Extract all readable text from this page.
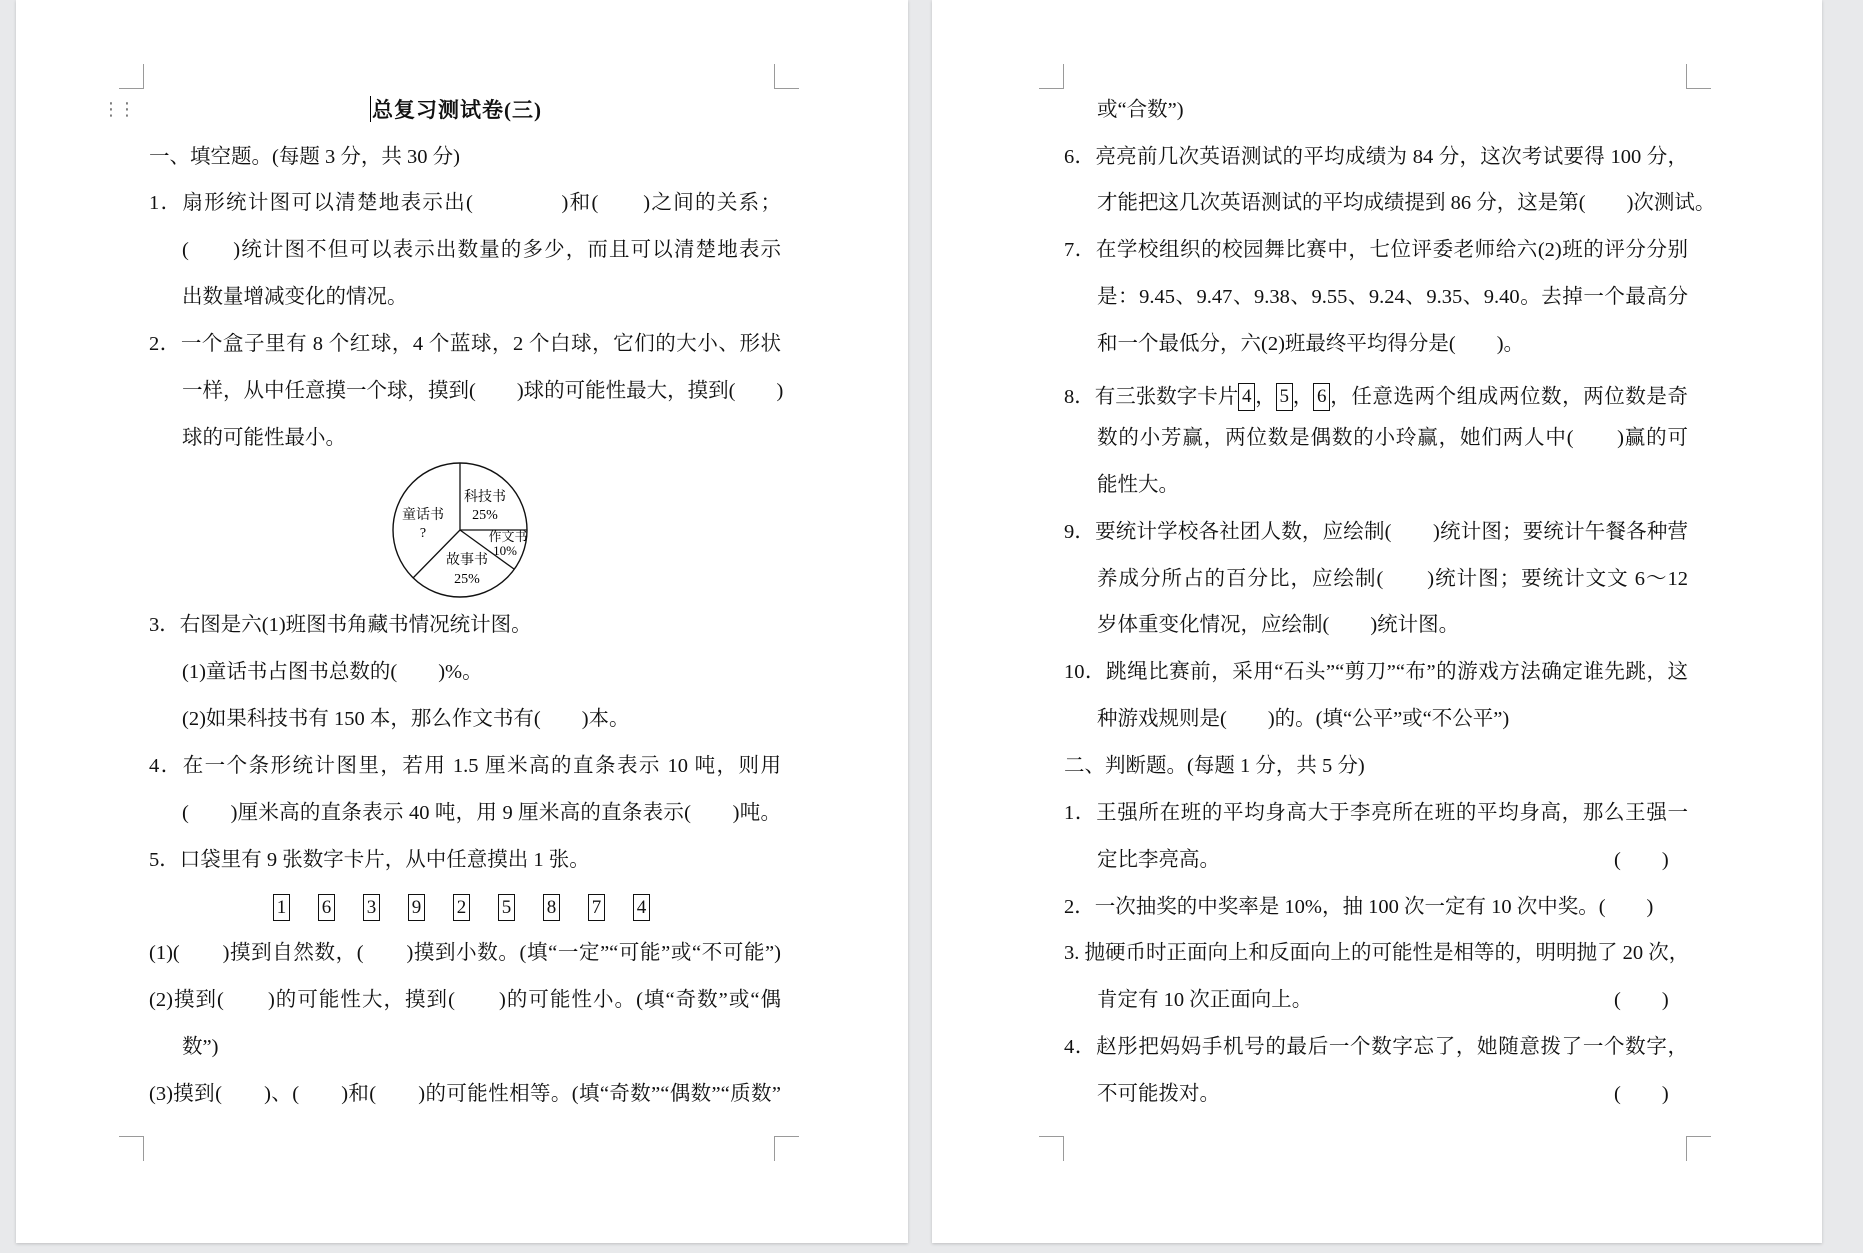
⋮⋮	总复习测试卷(三)
一、填空题。(每题 3 分，共 30 分)
1．扇形统计图可以清楚地表示出(　　　　)和(　　)之间的关系；
(　　)统计图不但可以表示出数量的多少，而且可以清楚地表示
出数量增减变化的情况。
2．一个盒子里有 8 个红球，4 个蓝球，2 个白球，它们的大小、形状
一样，从中任意摸一个球，摸到(　　)球的可能性最大，摸到(　　)
球的可能性最小。
科技书
25%
作文书
10%
故事书
25%
童话书
?
3．右图是六(1)班图书角藏书情况统计图。
(1)童话书占图书总数的(　　)%。
(2)如果科技书有 150 本，那么作文书有(　　)本。
4．在一个条形统计图里，若用 1.5 厘米高的直条表示 10 吨，则用
(　　)厘米高的直条表示 40 吨，用 9 厘米高的直条表示(　　)吨。
5．口袋里有 9 张数字卡片，从中任意摸出 1 张。
1 6 3 9 2 5 8 7 4
(1)(　　)摸到自然数，(　　)摸到小数。(填“一定”“可能”或“不可能”)
(2)摸到(　　)的可能性大，摸到(　　)的可能性小。(填“奇数”或“偶
数”)
(3)摸到(　　)、(　　)和(　　)的可能性相等。(填“奇数”“偶数”“质数”
或“合数”)
6．亮亮前几次英语测试的平均成绩为 84 分，这次考试要得 100 分，
才能把这几次英语测试的平均成绩提到 86 分，这是第(　　)次测试。
7．在学校组织的校园舞比赛中，七位评委老师给六(2)班的评分分别
是：9.45、9.47、9.38、9.55、9.24、9.35、9.40。去掉一个最高分
和一个最低分，六(2)班最终平均得分是(　　)。
8．有三张数字卡片 4 ， 5 ， 6 ，任意选两个组成两位数，两位数是奇
数的小芳赢，两位数是偶数的小玲赢，她们两人中(　　)赢的可
能性大。
9．要统计学校各社团人数，应绘制(　　)统计图；要统计午餐各种营
养成分所占的百分比，应绘制(　　)统计图；要统计文文 6～12
岁体重变化情况，应绘制(　　)统计图。
10．跳绳比赛前，采用“石头”“剪刀”“布”的游戏方法确定谁先跳，这
种游戏规则是(　　)的。(填“公平”或“不公平”)
二、判断题。(每题 1 分，共 5 分)
1．王强所在班的平均身高大于李亮所在班的平均身高，那么王强一
定比李亮高。	(　　)
2．一次抽奖的中奖率是 10%，抽 100 次一定有 10 次中奖。(　　)
3. 抛硬币时正面向上和反面向上的可能性是相等的，明明抛了 20 次，
肯定有 10 次正面向上。	(　　)
4．赵彤把妈妈手机号的最后一个数字忘了，她随意拨了一个数字，
不可能拨对。	(　　)
